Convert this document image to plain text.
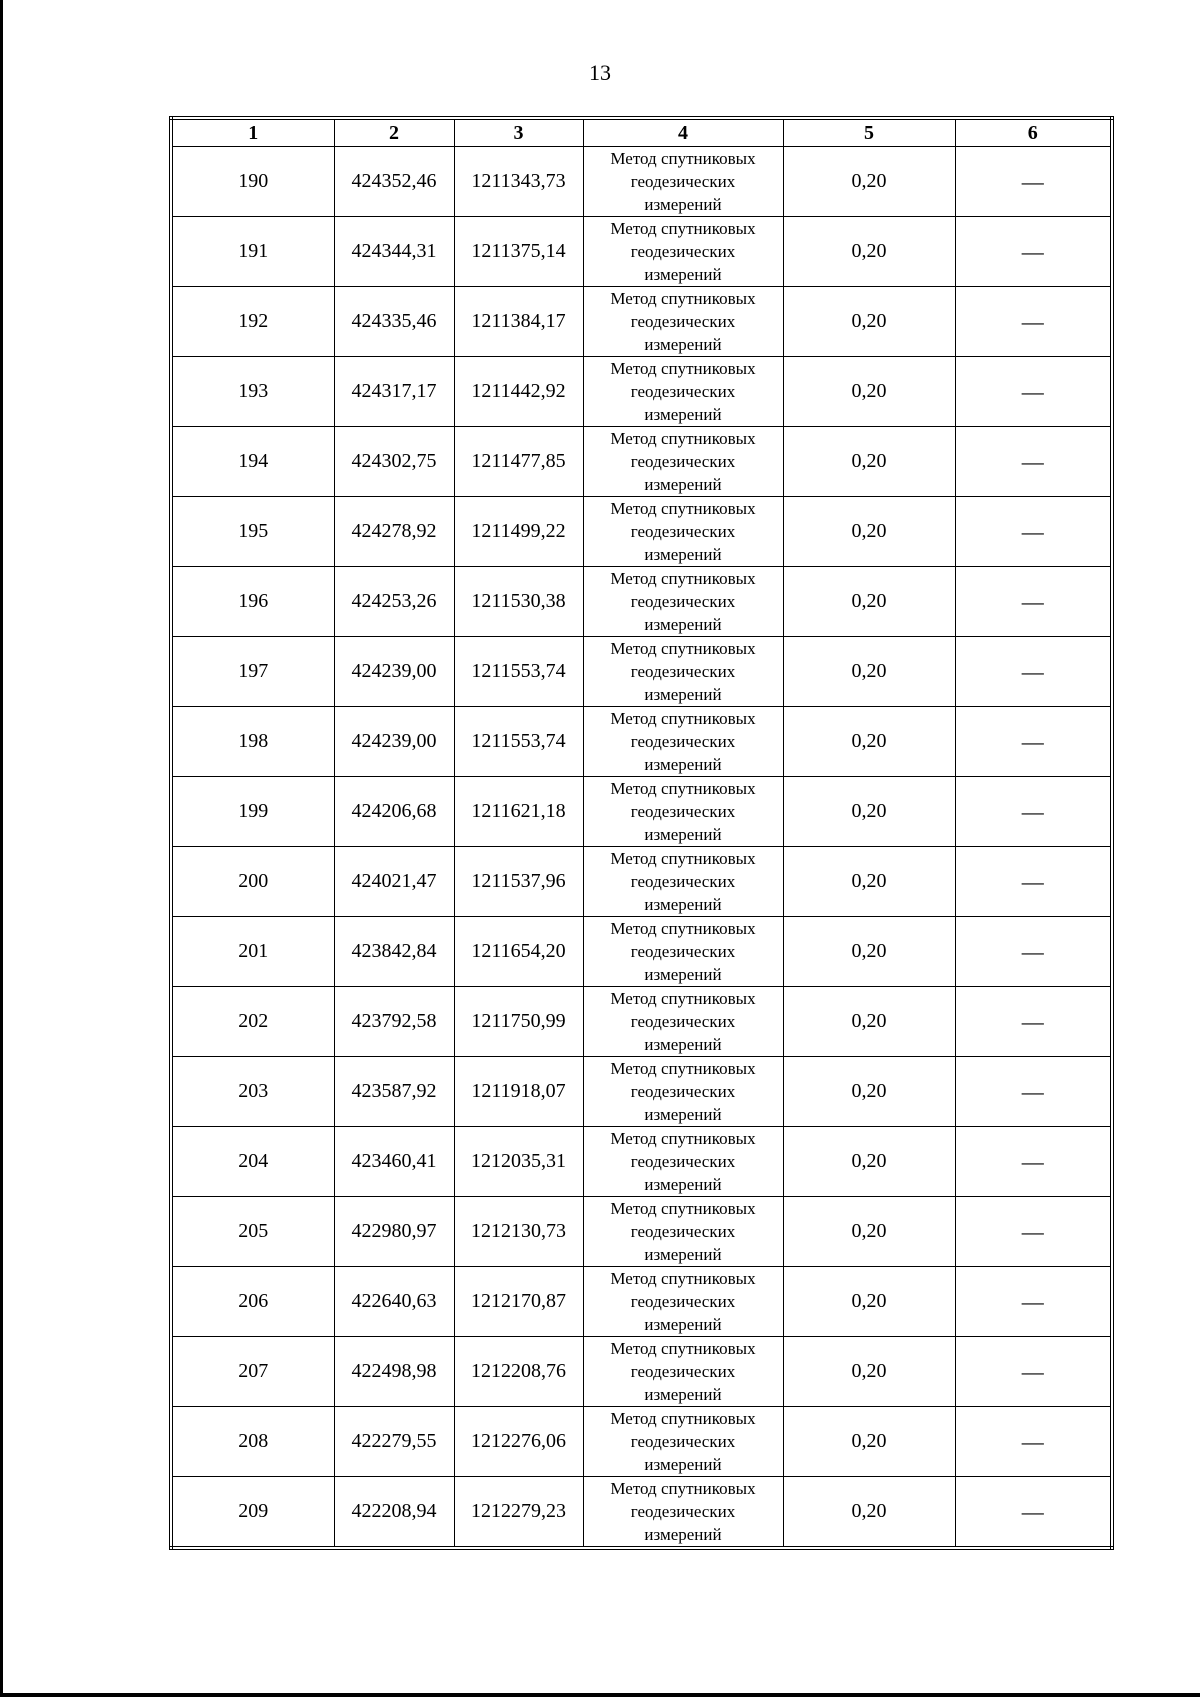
13
1	2	3	4	5	6
190	424352,46	1211343,73	Метод спутниковых
геодезических
измерений	0,20	—
191	424344,31	1211375,14	Метод спутниковых
геодезических
измерений	0,20	—
192	424335,46	1211384,17	Метод спутниковых
геодезических
измерений	0,20	—
193	424317,17	1211442,92	Метод спутниковых
геодезических
измерений	0,20	—
194	424302,75	1211477,85	Метод спутниковых
геодезических
измерений	0,20	—
195	424278,92	1211499,22	Метод спутниковых
геодезических
измерений	0,20	—
196	424253,26	1211530,38	Метод спутниковых
геодезических
измерений	0,20	—
197	424239,00	1211553,74	Метод спутниковых
геодезических
измерений	0,20	—
198	424239,00	1211553,74	Метод спутниковых
геодезических
измерений	0,20	—
199	424206,68	1211621,18	Метод спутниковых
геодезических
измерений	0,20	—
200	424021,47	1211537,96	Метод спутниковых
геодезических
измерений	0,20	—
201	423842,84	1211654,20	Метод спутниковых
геодезических
измерений	0,20	—
202	423792,58	1211750,99	Метод спутниковых
геодезических
измерений	0,20	—
203	423587,92	1211918,07	Метод спутниковых
геодезических
измерений	0,20	—
204	423460,41	1212035,31	Метод спутниковых
геодезических
измерений	0,20	—
205	422980,97	1212130,73	Метод спутниковых
геодезических
измерений	0,20	—
206	422640,63	1212170,87	Метод спутниковых
геодезических
измерений	0,20	—
207	422498,98	1212208,76	Метод спутниковых
геодезических
измерений	0,20	—
208	422279,55	1212276,06	Метод спутниковых
геодезических
измерений	0,20	—
209	422208,94	1212279,23	Метод спутниковых
геодезических
измерений	0,20	—
